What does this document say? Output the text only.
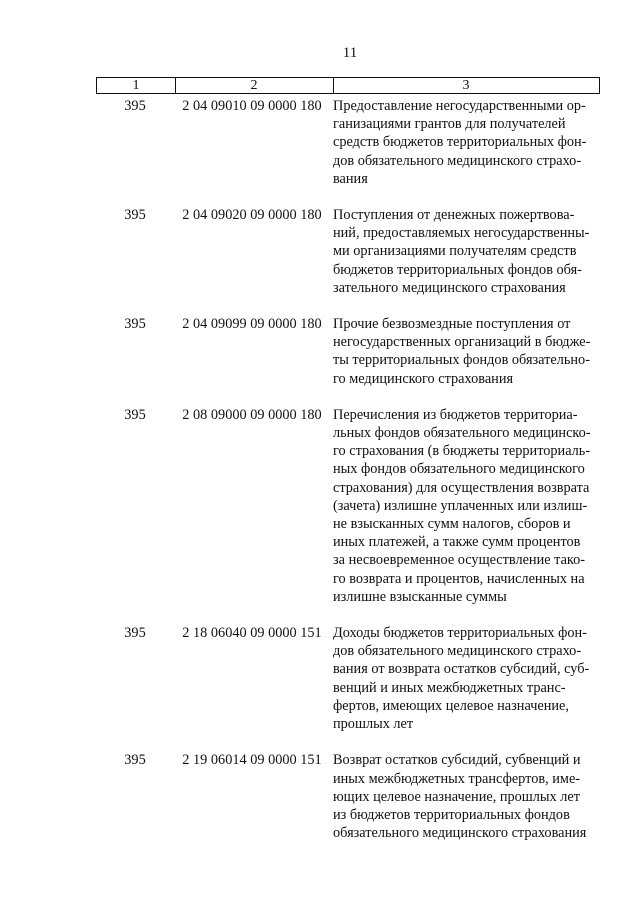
11
1	2	3
395	2 04 09010 09 0000 180 Предоставление негосударственными ор-
ганизациями грантов для получателей
средств бюджетов территориальных фон-
дов обязательного медицинского страхо-
вания
395	2 04 09020 09 0000 180 Поступления от денежных пожертвова-
ний, предоставляемых негосударственны-
ми организациями получателям средств
бюджетов территориальных фондов обя-
зательного медицинского страхования
395	2 04 09099 09 0000 180 Прочие безвозмездные поступления от
негосударственных организаций в бюдже-
ты территориальных фондов обязательно-
го медицинского страхования
395	2 08 09000 09 0000 180 Перечисления из бюджетов территориа-
льных фондов обязательного медицинско-
го страхования (в бюджеты территориаль-
ных фондов обязательного медицинского
страхования) для осуществления возврата
(зачета) излишне уплаченных или излиш-
не взысканных сумм налогов, сборов и
иных платежей, а также сумм процентов
за несвоевременное осуществление тако-
го возврата и процентов, начисленных на
излишне взысканные суммы
395	2 18 06040 09 0000 151 Доходы бюджетов территориальных фон-
дов обязательного медицинского страхо-
вания от возврата остатков субсидий, суб-
венций и иных межбюджетных транс-
фертов, имеющих целевое назначение,
прошлых лет
395	2 19 06014 09 0000 151 Возврат остатков субсидий, субвенций и
иных межбюджетных трансфертов, име-
ющих целевое назначение, прошлых лет
из бюджетов территориальных фондов
обязательного медицинского страхования
